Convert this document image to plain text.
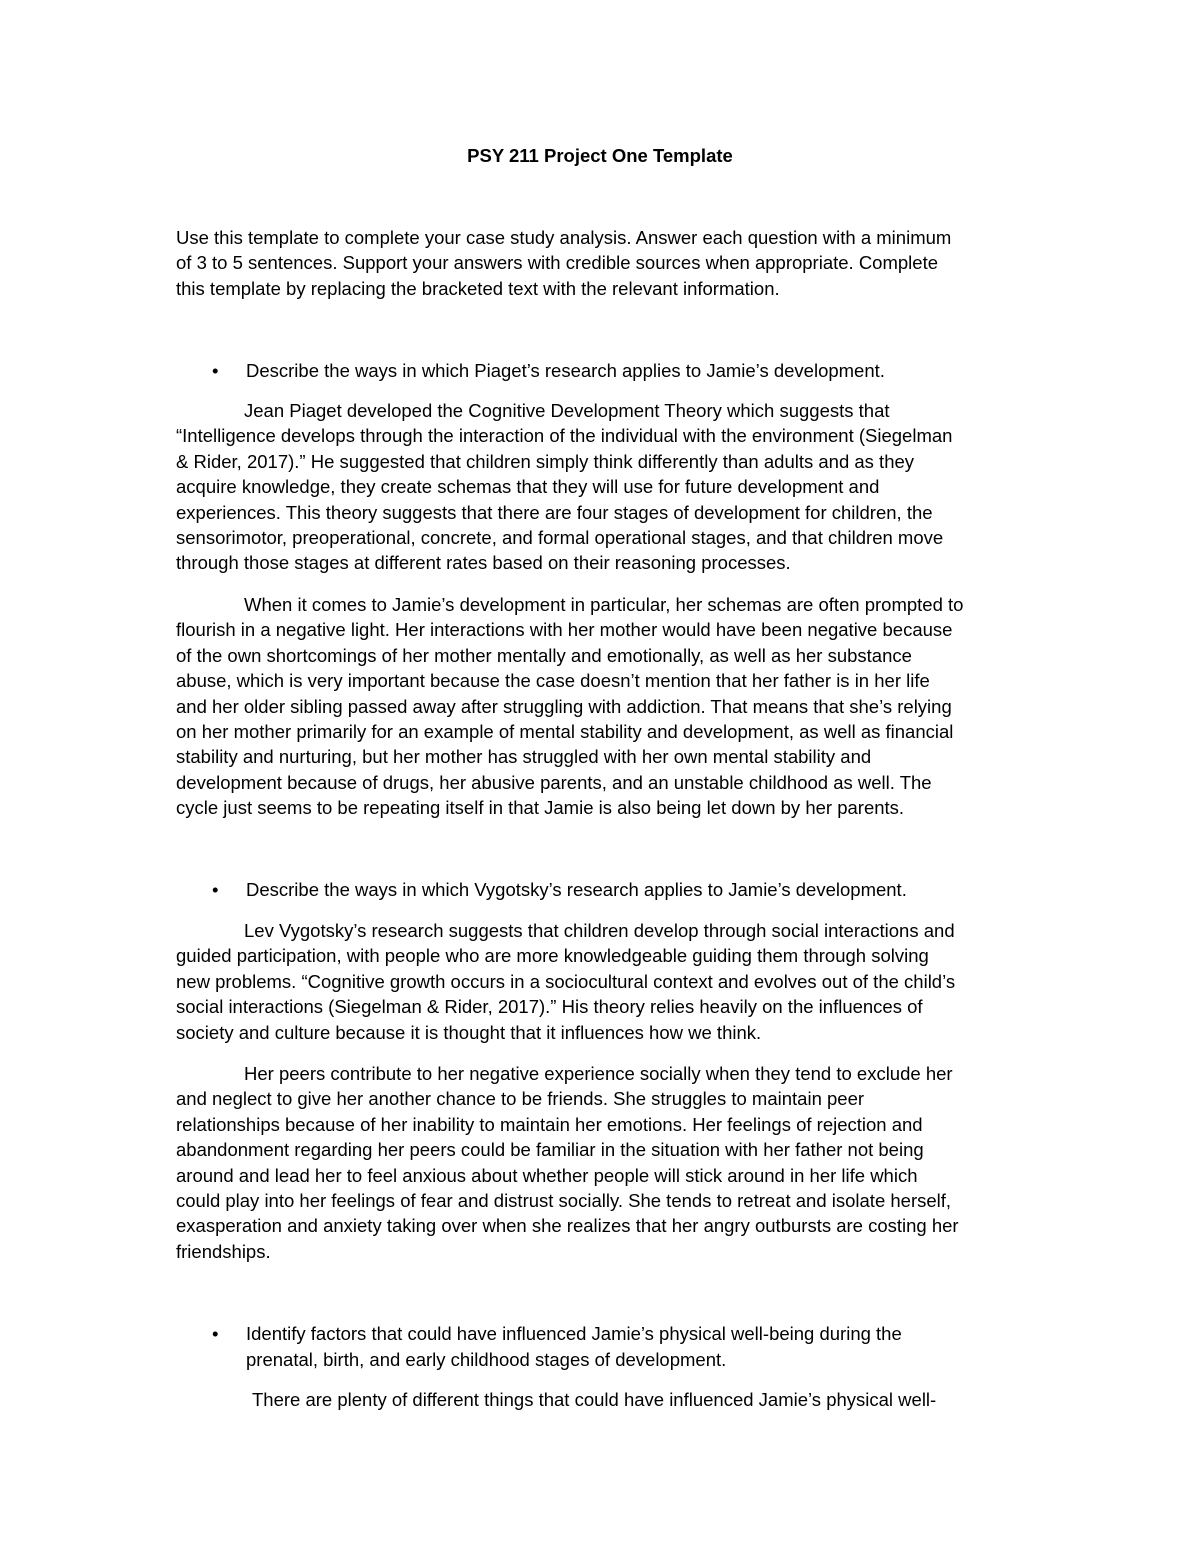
PSY 211 Project One Template
Use this template to complete your case study analysis. Answer each question with a minimum
of 3 to 5 sentences. Support your answers with credible sources when appropriate. Complete
this template by replacing the bracketed text with the relevant information.
• Describe the ways in which Piaget’s research applies to Jamie’s development.
Jean Piaget developed the Cognitive Development Theory which suggests that
“Intelligence develops through the interaction of the individual with the environment (Siegelman
& Rider, 2017).” He suggested that children simply think differently than adults and as they
acquire knowledge, they create schemas that they will use for future development and
experiences. This theory suggests that there are four stages of development for children, the
sensorimotor, preoperational, concrete, and formal operational stages, and that children move
through those stages at different rates based on their reasoning processes.
When it comes to Jamie’s development in particular, her schemas are often prompted to
flourish in a negative light. Her interactions with her mother would have been negative because
of the own shortcomings of her mother mentally and emotionally, as well as her substance
abuse, which is very important because the case doesn’t mention that her father is in her life
and her older sibling passed away after struggling with addiction. That means that she’s relying
on her mother primarily for an example of mental stability and development, as well as financial
stability and nurturing, but her mother has struggled with her own mental stability and
development because of drugs, her abusive parents, and an unstable childhood as well. The
cycle just seems to be repeating itself in that Jamie is also being let down by her parents.
• Describe the ways in which Vygotsky’s research applies to Jamie’s development.
Lev Vygotsky’s research suggests that children develop through social interactions and
guided participation, with people who are more knowledgeable guiding them through solving
new problems. “Cognitive growth occurs in a sociocultural context and evolves out of the child’s
social interactions (Siegelman & Rider, 2017).” His theory relies heavily on the influences of
society and culture because it is thought that it influences how we think.
Her peers contribute to her negative experience socially when they tend to exclude her
and neglect to give her another chance to be friends. She struggles to maintain peer
relationships because of her inability to maintain her emotions. Her feelings of rejection and
abandonment regarding her peers could be familiar in the situation with her father not being
around and lead her to feel anxious about whether people will stick around in her life which
could play into her feelings of fear and distrust socially. She tends to retreat and isolate herself,
exasperation and anxiety taking over when she realizes that her angry outbursts are costing her
friendships.
• Identify factors that could have influenced Jamie’s physical well-being during the
prenatal, birth, and early childhood stages of development.
There are plenty of different things that could have influenced Jamie’s physical well-
